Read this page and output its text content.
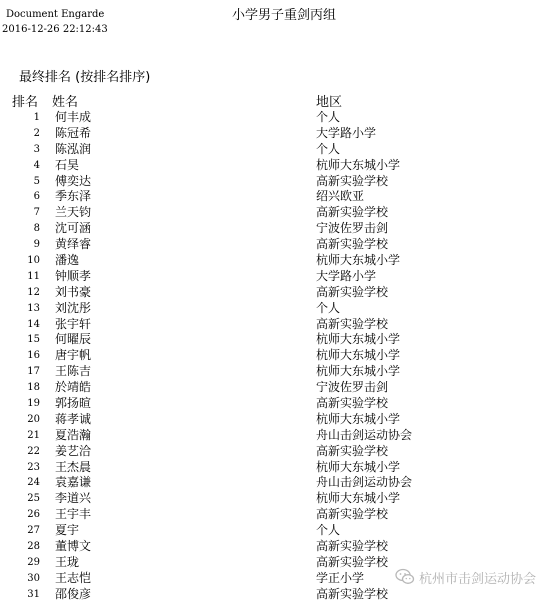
Document Engarde
2016-12-26 22:12:43
小学男子重剑丙组
最终排名 (按排名排序)
排名 姓名	地区
1 何丰成	个人
2 陈冠希	大学路小学
3 陈泓润	个人
4 石昊	杭师大东城小学
5 傅奕达	高新实验学校
6 季东泽	绍兴欧亚
7 兰天钧	高新实验学校
8 沈可涵	宁波佐罗击剑
9 黄绎睿	高新实验学校
10 潘逸	杭师大东城小学
11 钟顺孝	大学路小学
12 刘书豪	高新实验学校
13 刘沈彤	个人
14 张宇轩	高新实验学校
15 何曜辰	杭师大东城小学
16 唐宇帆	杭师大东城小学
17 王陈吉	杭师大东城小学
18 於靖皓	宁波佐罗击剑
19 郭扬暄	高新实验学校
20 蒋孝诚	杭师大东城小学
21 夏浩瀚	舟山击剑运动协会
22 姜艺洽	高新实验学校
23 王杰晨	杭师大东城小学
24 袁嘉谦	舟山击剑运动协会
25 李道兴	杭师大东城小学
26 王宇丰	高新实验学校
27 夏宇	个人
28 董博文	高新实验学校
29 王珑	高新实验学校
30 王志恺	学正小学
31 邵俊彦	高新实验学校
杭州市击剑运动协会
